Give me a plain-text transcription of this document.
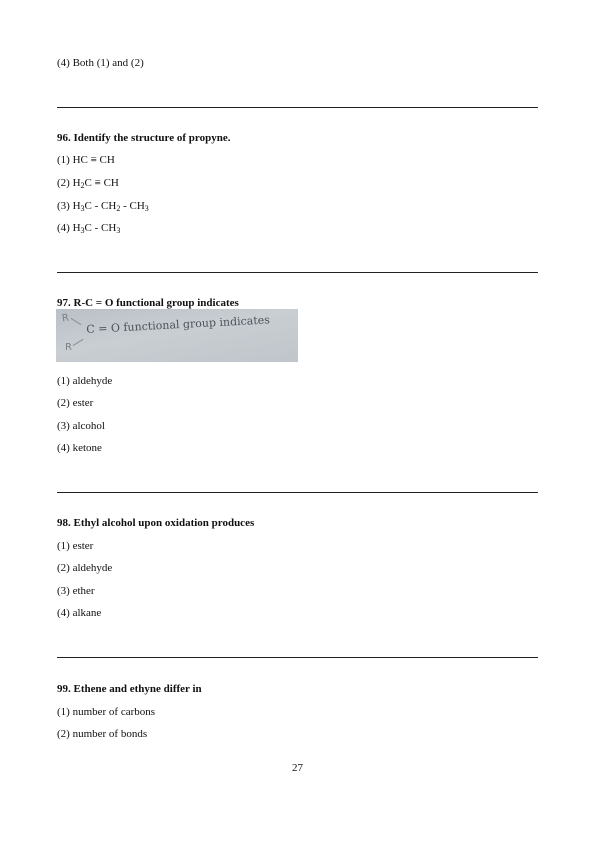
(4) Both (1) and (2)
96. Identify the structure of propyne.
(1) HC ≡ CH
(2) $H_2C$ ≡ CH
(3) $H_3C - CH_2 - CH_3$
(4) $H_3C - CH_3$
97. R-C = O functional group indicates
R
R
C = O functional group indicates
(1) aldehyde
(2) ester
(3) alcohol
(4) ketone
98. Ethyl alcohol upon oxidation produces
(1) ester
(2) aldehyde
(3) ether
(4) alkane
99. Ethene and ethyne differ in
(1) number of carbons
(2) number of bonds
27
